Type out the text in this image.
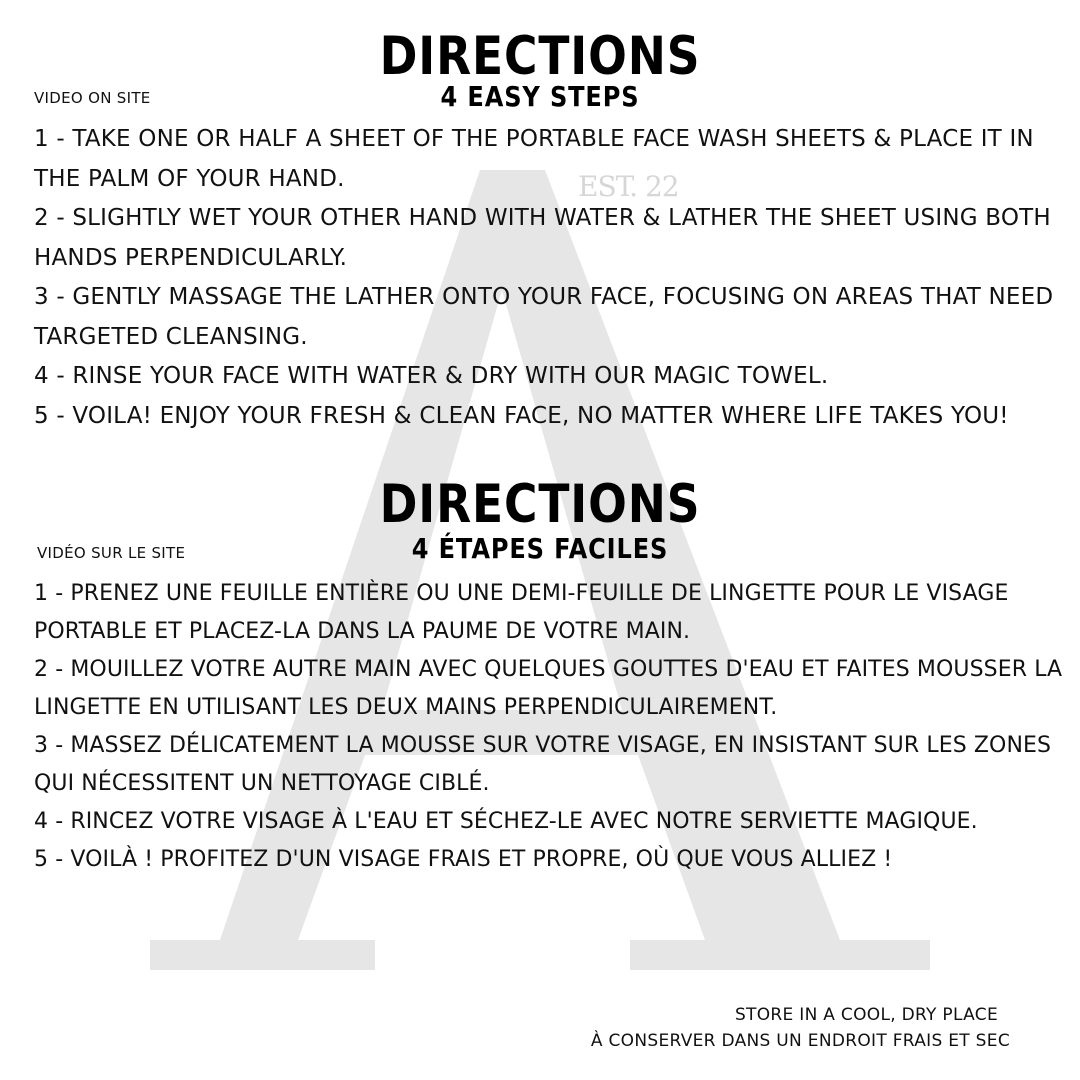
EST. 22
DIRECTIONS
4 EASY STEPS
VIDEO ON SITE

1 - TAKE ONE OR HALF A SHEET OF THE PORTABLE FACE WASH SHEETS & PLACE IT IN THE PALM OF YOUR HAND.

2 - SLIGHTLY WET YOUR OTHER HAND WITH WATER & LATHER THE SHEET USING BOTH HANDS PERPENDICULARLY.

3 - GENTLY MASSAGE THE LATHER ONTO YOUR FACE, FOCUSING ON AREAS THAT NEED TARGETED CLEANSING.

4 - RINSE YOUR FACE WITH WATER & DRY WITH OUR MAGIC TOWEL.

5 - VOILA! ENJOY YOUR FRESH & CLEAN FACE, NO MATTER WHERE LIFE TAKES YOU!

DIRECTIONS
4 ÉTAPES FACILES
VIDÉO SUR LE SITE

1 - PRENEZ UNE FEUILLE ENTIÈRE OU UNE DEMI-FEUILLE DE LINGETTE POUR LE VISAGE PORTABLE ET PLACEZ-LA DANS LA PAUME DE VOTRE MAIN.

2 - MOUILLEZ VOTRE AUTRE MAIN AVEC QUELQUES GOUTTES D'EAU ET FAITES MOUSSER LA LINGETTE EN UTILISANT LES DEUX MAINS PERPENDICULAIREMENT.

3 - MASSEZ DÉLICATEMENT LA MOUSSE SUR VOTRE VISAGE, EN INSISTANT SUR LES ZONES QUI NÉCESSITENT UN NETTOYAGE CIBLÉ.

4 - RINCEZ VOTRE VISAGE À L'EAU ET SÉCHEZ-LE AVEC NOTRE SERVIETTE MAGIQUE.

5 - VOILÀ ! PROFITEZ D'UN VISAGE FRAIS ET PROPRE, OÙ QUE VOUS ALLIEZ !

STORE IN A COOL, DRY PLACE
À CONSERVER DANS UN ENDROIT FRAIS ET SEC
